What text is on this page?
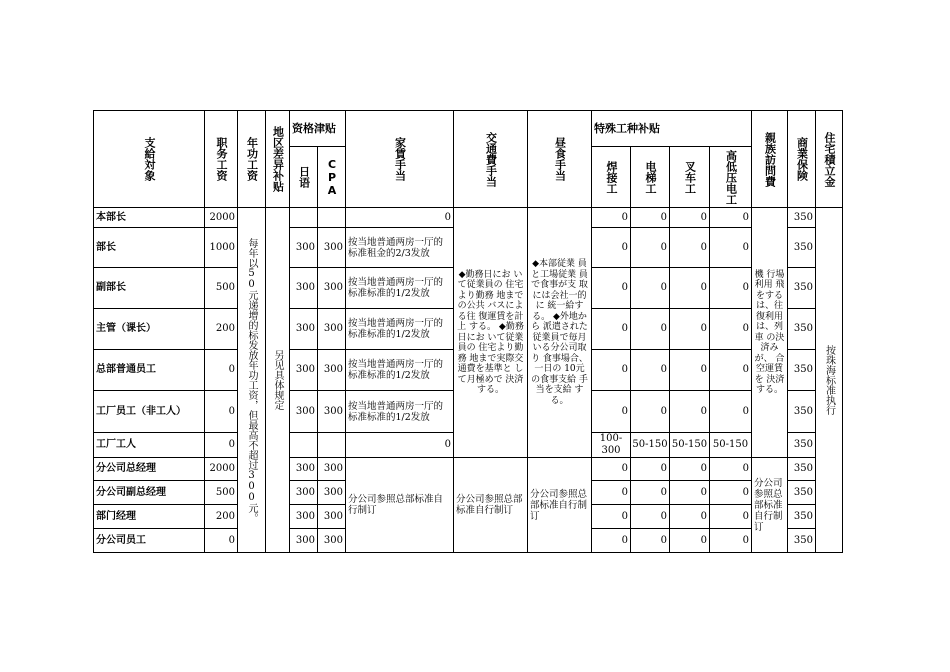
支給対象	职务工资	年功工资	地区差异补贴	资格津贴		家賃手当	交通費手当	昼食手当	特殊工种补贴				親族訪問費	商業保険	住宅積立金

				日语	CPA				焊接工	电梯工	叉车工	高低压电工			

本部长	2000	每年以50元递增的标发放年功工资，但最高不超过300元。	另见具体规定			0	◆勤務日にお いて従業員の 住宅より勤務 地までの公共 バスによる往 復運賃を計上 する。 ◆勤務日にお いて従業員の 住宅より勤務 地まで実際交 通費を基準と して月極めで 決済する。	◆本部従業 員と工場従業 員で食事が支 取には会社一的に 統一給する。 ◆外地から 派遣された 従業員で毎月 いる分公司取り 食事場合、一日の 10元の食事支給 手当を支給 する。	0	0	0	0	機 行場利用 飛をするは、往 復利用は、列車 の決済みが、 合空運賃を 決済する。	350	按珠海标准执行

部长	1000			300	300	按当地普通两房一厅的标准租金的2/3发放			0	0	0	0		350	
副部长	500			300	300	按当地普通两房一厅的标准标准的1/2发放			0	0	0	0		350	
主管（课长）	200			300	300	按当地普通两房一厅的标准标准的1/2发放			0	0	0	0		350	
总部普通员工	0			300	300	按当地普通两房一厅的标准标准的1/2发放			0	0	0	0		350	
工厂员工（非工人）	0			300	300	按当地普通两房一厅的标准标准的1/2发放			0	0	0	0		350	
工厂工人	0					0			100-300	50-150	50-150	50-150		350	
分公司总经理	2000			300	300	分公司参照总部标准自行制订	分公司参照总部标准自行制订	分公司参照总部标准自行制订	0	0	0	0	分公司参照总部标准自行制订	350	
分公司副总经理	500			300	300				0	0	0	0		350	
部门经理	200			300	300				0	0	0	0		350	
分公司员工	0			300	300				0	0	0	0		350	
